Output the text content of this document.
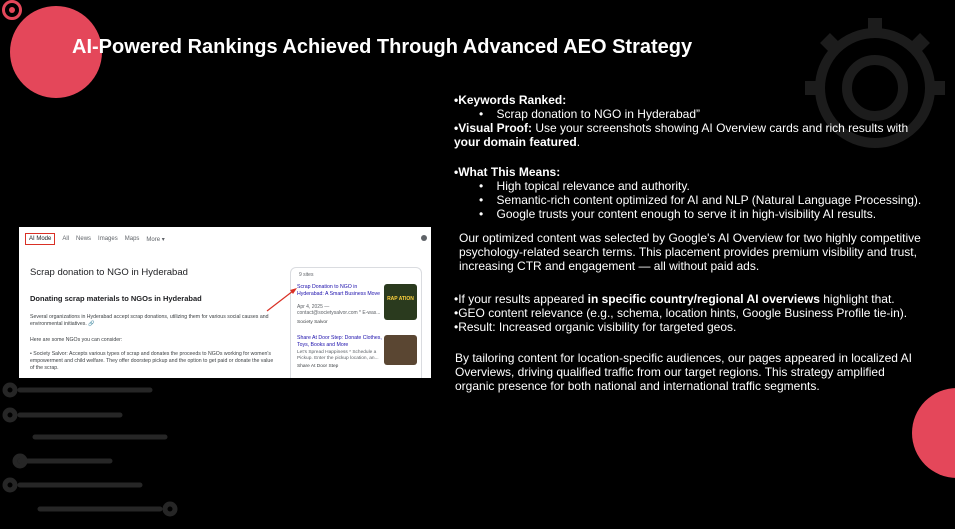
AI-Powered Rankings Achieved Through Advanced AEO Strategy
AI Mode	All News Images Maps More ▾
Scrap donation to NGO in Hyderabad
Donating scrap materials to NGOs in Hyderabad
Several organizations in Hyderabad accept scrap donations, utilizing them for various social causes and environmental initiatives. 🔗
Here are some NGOs you can consider:
• Society Salvor: Accepts various types of scrap and donates the proceeds to NGOs working for women's empowerment and child welfare. They offer doorstep pickup and the option to get paid or donate the value of the scrap.
9 sites
Scrap Donation to NGO in Hyderabad: A Smart Business Move
Apr 4, 2025 —
contact@societysalvor.com * E-was...
Society Salvor
RAP ATION
Share At Door Step: Donate Clothes, Toys, Books and More
Let's Spread Happiness * Schedule a Pickup. Enter the pickup location, an...
Share At Door Step
•Keywords Ranked:
• Scrap donation to NGO in Hyderabad”
•Visual Proof: Use your screenshots showing AI Overview cards and rich results with
your domain featured.
•What This Means:
• High topical relevance and authority.
• Semantic-rich content optimized for AI and NLP (Natural Language Processing).
• Google trusts your content enough to serve it in high-visibility AI results.
Our optimized content was selected by Google's AI Overview for two highly competitive psychology-related search terms. This placement provides premium visibility and trust, increasing CTR and engagement — all without paid ads.
•If your results appeared in specific country/regional AI overviews highlight that.
•GEO content relevance (e.g., schema, location hints, Google Business Profile tie-in).
•Result: Increased organic visibility for targeted geos.
By tailoring content for location-specific audiences, our pages appeared in localized AI Overviews, driving qualified traffic from our target regions. This strategy amplified organic presence for both national and international traffic segments.
